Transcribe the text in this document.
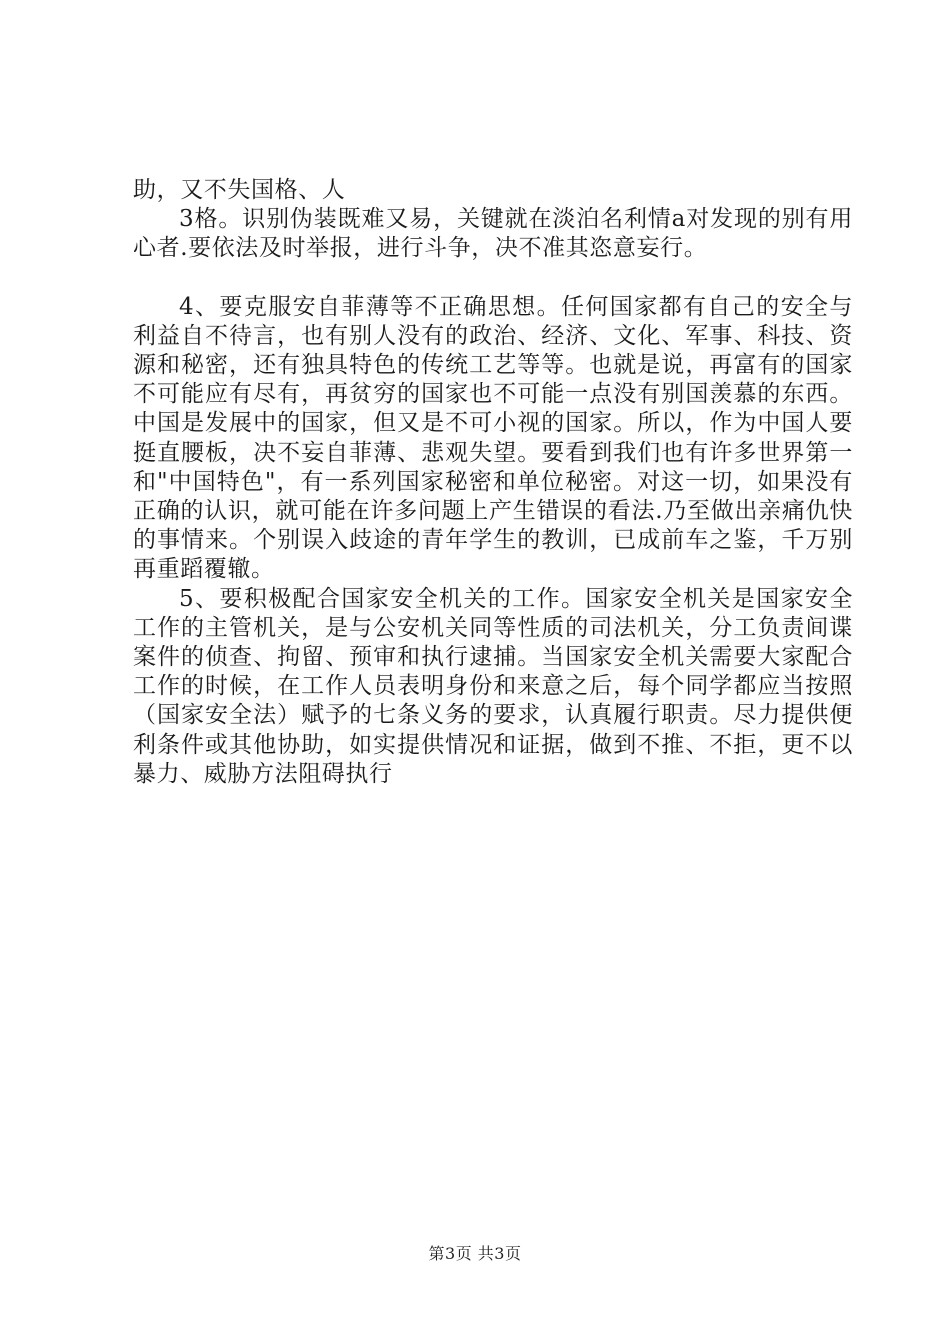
助，又不失国格、人

3格。识别伪装既难又易，关键就在淡泊名利情a对发现的别有用心者.要依法及时举报，进行斗争，决不准其恣意妄行。

4、要克服安自菲薄等不正确思想。任何国家都有自己的安全与利益自不待言，也有别人没有的政治、经济、文化、军事、科技、资源和秘密，还有独具特色的传统工艺等等。也就是说，再富有的国家不可能应有尽有，再贫穷的国家也不可能一点没有别国羡慕的东西。中国是发展中的国家，但又是不可小视的国家。所以，作为中国人要挺直腰板，决不妄自菲薄、悲观失望。要看到我们也有许多世界第一和"中国特色"，有一系列国家秘密和单位秘密。对这一切，如果没有正确的认识，就可能在许多问题上产生错误的看法.乃至做出亲痛仇快的事情来。个别误入歧途的青年学生的教训，已成前车之鉴，千万别再重蹈覆辙。

5、要积极配合国家安全机关的工作。国家安全机关是国家安全工作的主管机关，是与公安机关同等性质的司法机关，分工负责间谍案件的侦查、拘留、预审和执行逮捕。当国家安全机关需要大家配合工作的时候，在工作人员表明身份和来意之后，每个同学都应当按照（国家安全法）赋予的七条义务的要求，认真履行职责。尽力提供便利条件或其他协助，如实提供情况和证据，做到不推、不拒，更不以暴力、威胁方法阻碍执行

第3页 共3页
